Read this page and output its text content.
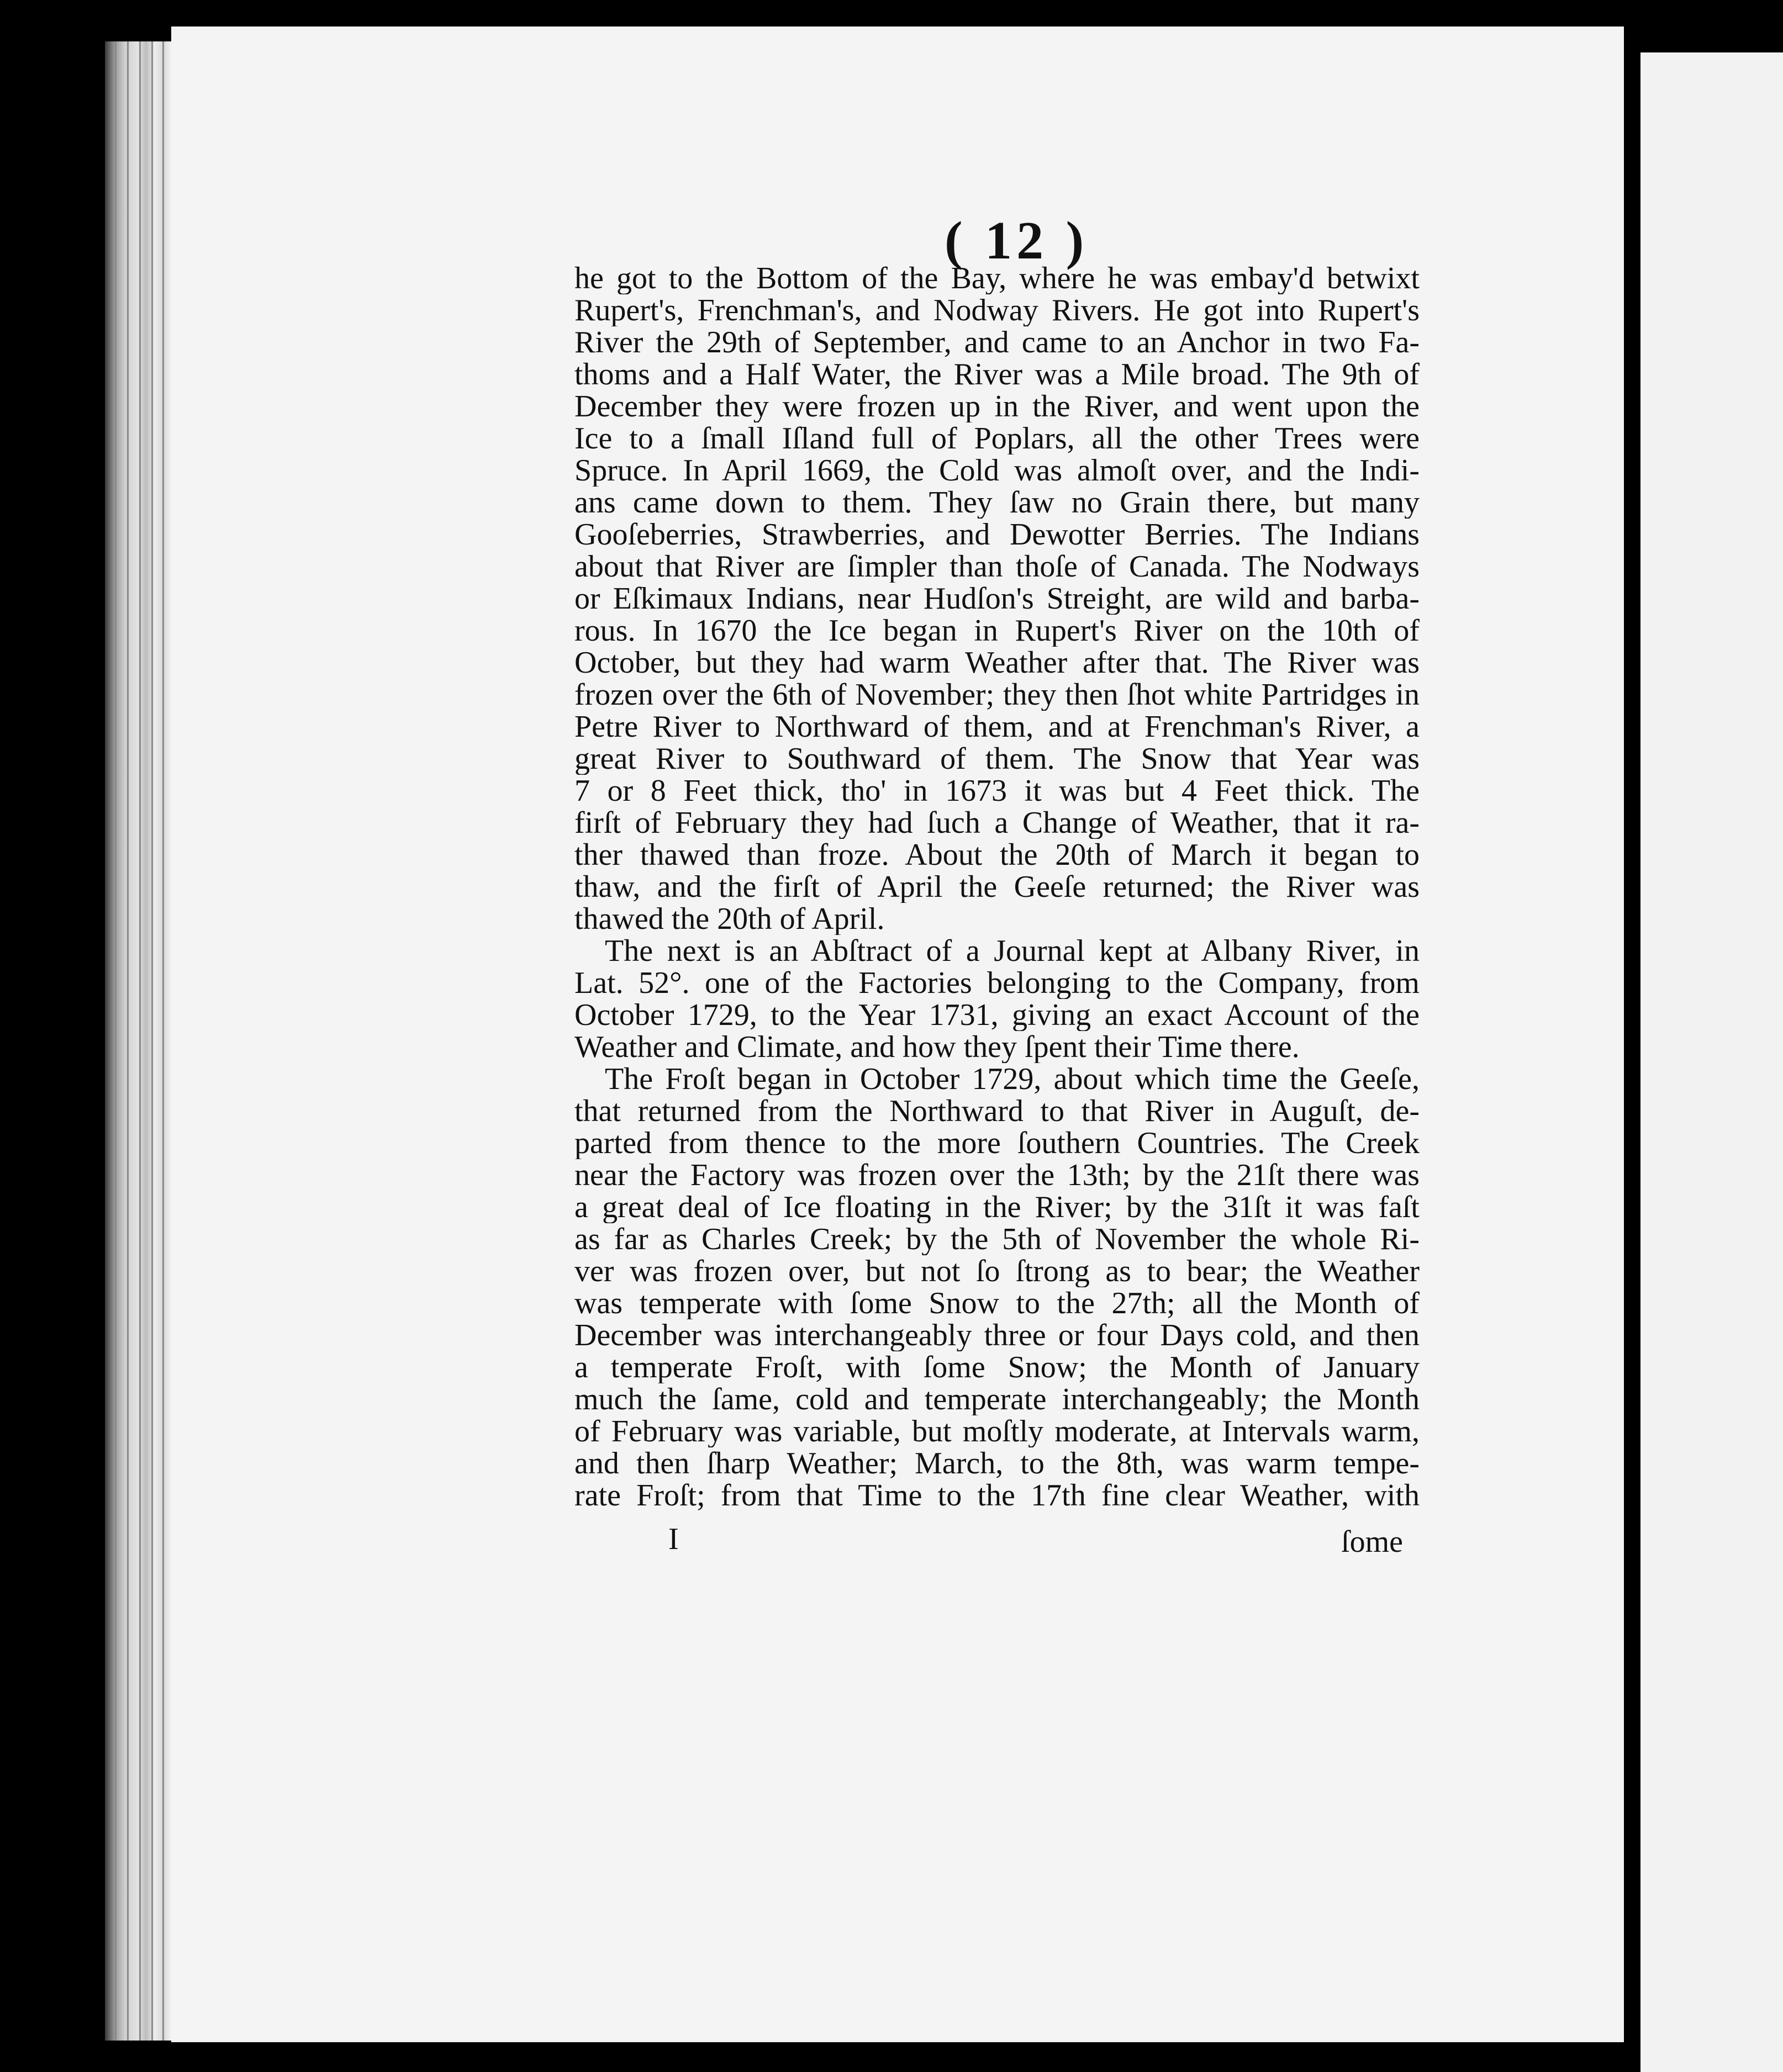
( 12 )
he got to the Bottom of the Bay, where he was embay'd betwixt
Rupert's, Frenchman's, and Nodway Rivers. He got into Rupert's
River the 29th of September, and came to an Anchor in two Fa-
thoms and a Half Water, the River was a Mile broad. The 9th of
December they were frozen up in the River, and went upon the
Ice to a ſmall Iſland full of Poplars, all the other Trees were
Spruce. In April 1669, the Cold was almoſt over, and the Indi-
ans came down to them. They ſaw no Grain there, but many
Gooſeberries, Strawberries, and Dewotter Berries. The Indians
about that River are ſimpler than thoſe of Canada. The Nodways
or Eſkimaux Indians, near Hudſon's Streight, are wild and barba-
rous. In 1670 the Ice began in Rupert's River on the 10th of
October, but they had warm Weather after that. The River was
frozen over the 6th of November; they then ſhot white Partridges in
Petre River to Northward of them, and at Frenchman's River, a
great River to Southward of them. The Snow that Year was
7 or 8 Feet thick, tho' in 1673 it was but 4 Feet thick. The
firſt of February they had ſuch a Change of Weather, that it ra-
ther thawed than froze. About the 20th of March it began to
thaw, and the firſt of April the Geeſe returned; the River was
thawed the 20th of April.
The next is an Abſtract of a Journal kept at Albany River, in
Lat. 52°. one of the Factories belonging to the Company, from
October 1729, to the Year 1731, giving an exact Account of the
Weather and Climate, and how they ſpent their Time there.
The Froſt began in October 1729, about which time the Geeſe,
that returned from the Northward to that River in Auguſt, de-
parted from thence to the more ſouthern Countries. The Creek
near the Factory was frozen over the 13th; by the 21ſt there was
a great deal of Ice floating in the River; by the 31ſt it was faſt
as far as Charles Creek; by the 5th of November the whole Ri-
ver was frozen over, but not ſo ſtrong as to bear; the Weather
was temperate with ſome Snow to the 27th; all the Month of
December was interchangeably three or four Days cold, and then
a temperate Froſt, with ſome Snow; the Month of January
much the ſame, cold and temperate interchangeably; the Month
of February was variable, but moſtly moderate, at Intervals warm,
and then ſharp Weather; March, to the 8th, was warm tempe-
rate Froſt; from that Time to the 17th fine clear Weather, with
I	ſome
